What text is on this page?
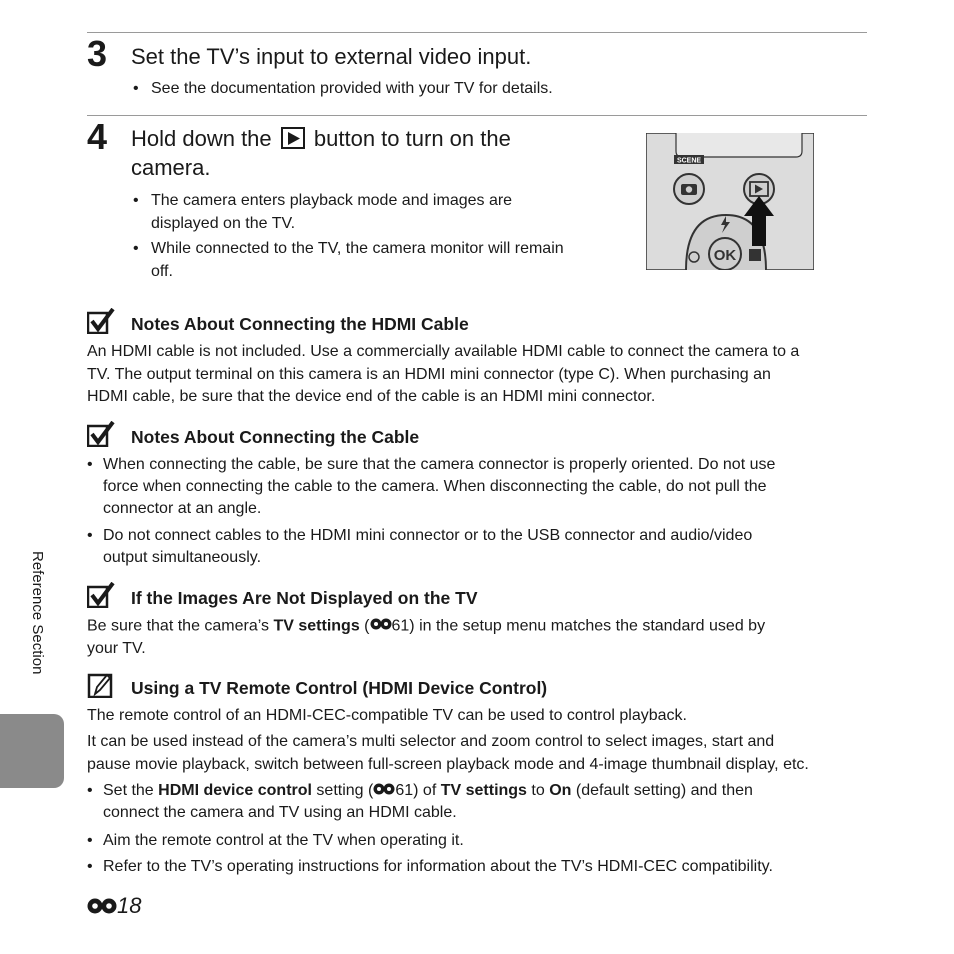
3 Set the TV’s input to external video input.
• See the documentation provided with your TV for details.
4 Hold down the button to turn on the
camera.
• The camera enters playback mode and images are
displayed on the TV.
• While connected to the TV, the camera monitor will remain
off.
SCENE
OK
Notes About Connecting the HDMI Cable
An HDMI cable is not included. Use a commercially available HDMI cable to connect the camera to a
TV. The output terminal on this camera is an HDMI mini connector (type C). When purchasing an
HDMI cable, be sure that the device end of the cable is an HDMI mini connector.
Notes About Connecting the Cable
• When connecting the cable, be sure that the camera connector is properly oriented. Do not use
force when connecting the cable to the camera. When disconnecting the cable, do not pull the
connector at an angle.
• Do not connect cables to the HDMI mini connector or to the USB connector and audio/video
output simultaneously.
If the Images Are Not Displayed on the TV
Be sure that the camera’s TV settings ( 61) in the setup menu matches the standard used by
your TV.
Using a TV Remote Control (HDMI Device Control)
The remote control of an HDMI-CEC-compatible TV can be used to control playback.
It can be used instead of the camera’s multi selector and zoom control to select images, start and
pause movie playback, switch between full-screen playback mode and 4-image thumbnail display, etc.
• Set the HDMI device control setting ( 61) of TV settings to On (default setting) and then
connect the camera and TV using an HDMI cable.
• Aim the remote control at the TV when operating it.
• Refer to the TV’s operating instructions for information about the TV’s HDMI-CEC compatibility.
Reference Section
18
